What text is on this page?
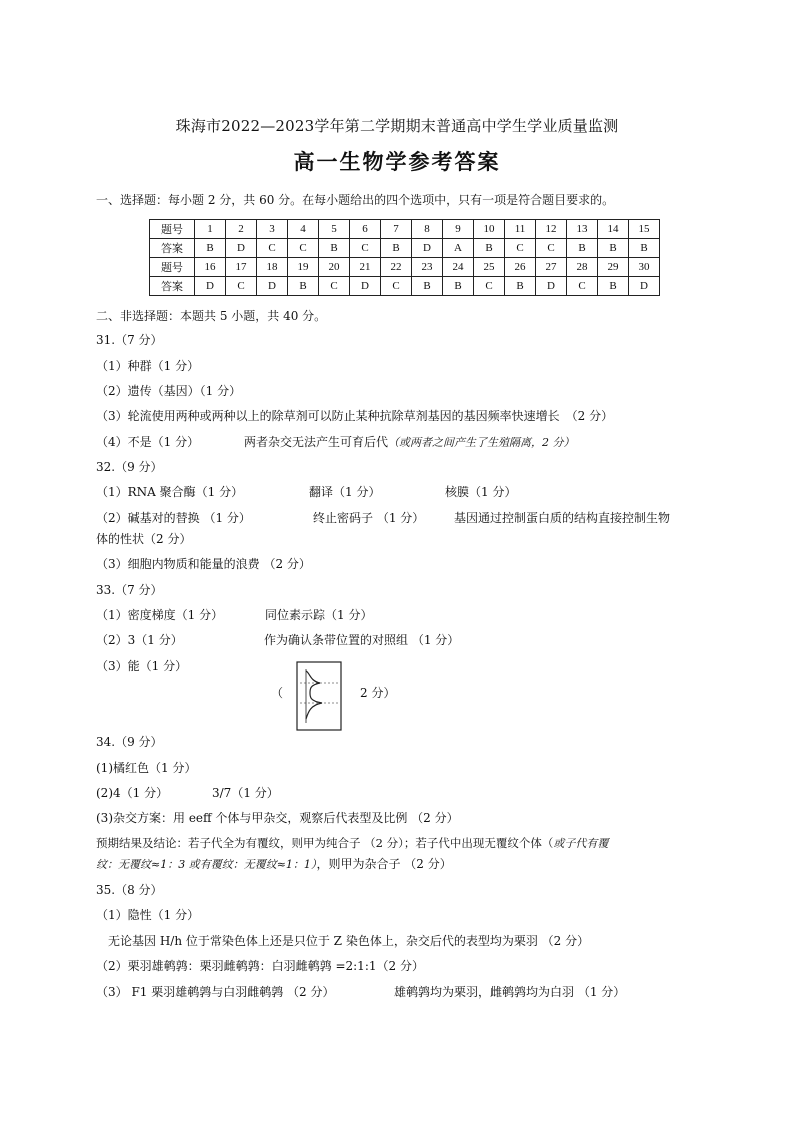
珠海市2022—2023学年第二学期期末普通高中学生学业质量监测
高一生物学参考答案
一、选择题：每小题 2 分，共 60 分。在每小题给出的四个选项中，只有一项是符合题目要求的。
题号	1	2	3	4	5	6	7	8	9	10	11	12	13	14	15
答案	B	D	C	C	B	C	B	D	A	B	C	C	B	B	B
题号	16	17	18	19	20	21	22	23	24	25	26	27	28	29	30
答案	D	C	D	B	C	D	C	B	B	C	B	D	C	B	D
二、非选择题：本题共 5 小题，共 40 分。
31.（7 分）
（1）种群（1 分）
（2）遗传（基因）（1 分）
（3）轮流使用两种或两种以上的除草剂可以防止某种抗除草剂基因的基因频率快速增长　（2 分）
（4）不是（1 分）	两者杂交无法产生可育后代（或两者之间产生了生殖隔离，2 分）
32.（9 分）
（1）RNA 聚合酶（1 分）	翻译（1 分）	核膜（1 分）
（2）碱基对的替换 （1 分）	终止密码子 （1 分） 基因通过控制蛋白质的结构直接控制生物
体的性状（2 分）
（3）细胞内物质和能量的浪费 （2 分）
33.（7 分）
（1）密度梯度（1 分）	同位素示踪（1 分）
（2）3（1 分）	作为确认条带位置的对照组 （1 分）
（3）能（1 分）
（	2 分）
34.（9 分）
(1)橘红色（1 分）
(2)4（1 分）	3/7（1 分）
(3)杂交方案：用 eeff 个体与甲杂交，观察后代表型及比例 （2 分）
预期结果及结论：若子代全为有覆纹，则甲为纯合子 （2 分）；若子代中出现无覆纹个体（或子代有覆
纹：无覆纹≈1：3 或有覆纹：无覆纹≈1：1），则甲为杂合子 （2 分）
35.（8 分）
（1）隐性（1 分）
无论基因 H/h 位于常染色体上还是只位于 Z 染色体上，杂交后代的表型均为栗羽 （2 分）
（2）栗羽雄鹌鹑：栗羽雌鹌鹑：白羽雌鹌鹑 =2:1:1（2 分）
（3） F1 栗羽雄鹌鹑与白羽雌鹌鹑 （2 分）	雄鹌鹑均为栗羽，雌鹌鹑均为白羽 （1 分）
